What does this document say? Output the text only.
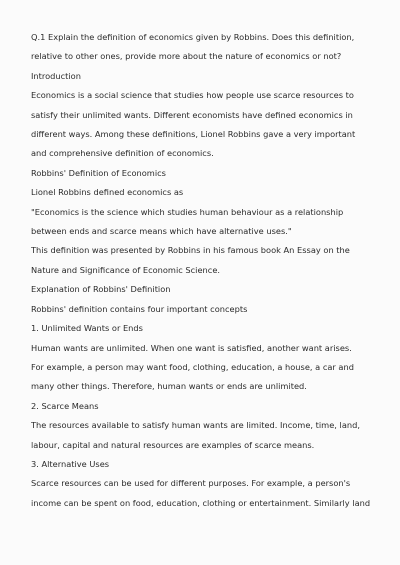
Q.1 Explain the definition of economics given by Robbins. Does this definition,
relative to other ones, provide more about the nature of economics or not?
Introduction
Economics is a social science that studies how people use scarce resources to
satisfy their unlimited wants. Different economists have defined economics in
different ways. Among these definitions, Lionel Robbins gave a very important
and comprehensive definition of economics.
Robbins' Definition of Economics
Lionel Robbins defined economics as
"Economics is the science which studies human behaviour as a relationship
between ends and scarce means which have alternative uses."
This definition was presented by Robbins in his famous book An Essay on the
Nature and Significance of Economic Science.
Explanation of Robbins' Definition
Robbins' definition contains four important concepts
1. Unlimited Wants or Ends
Human wants are unlimited. When one want is satisfied, another want arises.
For example, a person may want food, clothing, education, a house, a car and
many other things. Therefore, human wants or ends are unlimited.
2. Scarce Means
The resources available to satisfy human wants are limited. Income, time, land,
labour, capital and natural resources are examples of scarce means.
3. Alternative Uses
Scarce resources can be used for different purposes. For example, a person's
income can be spent on food, education, clothing or entertainment. Similarly land
